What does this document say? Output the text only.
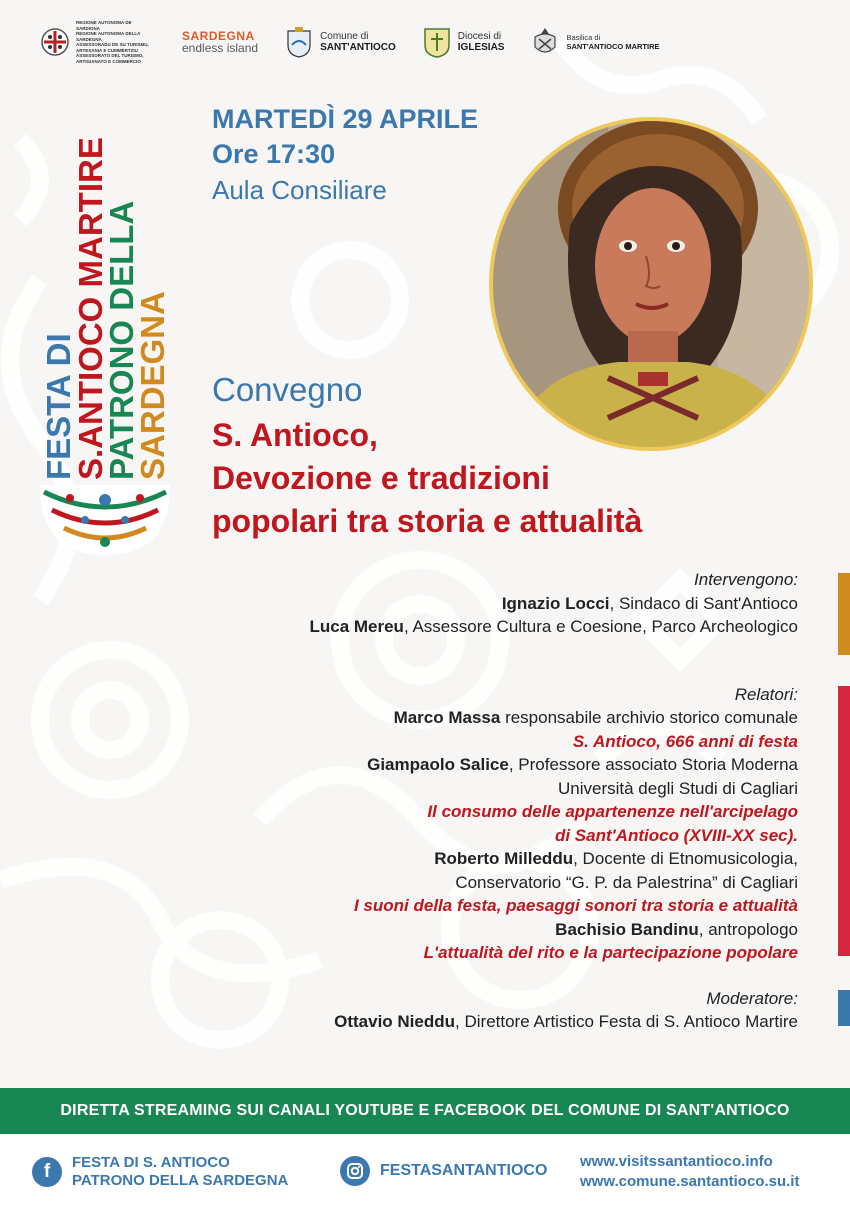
REGIONE AUTONOMA DE SARDIGNA
REGIONE AUTONOMA DELLA SARDEGNA
ASSESSORADU DE SU TURISMU, ARTESANIA E CUMMÈRTZIU
ASSESSORATO DEL TURISMO, ARTIGIANATO E COMMERCIO
SARDEGNA
endless island
Comune di
SANT'ANTIOCO
Diocesi di
IGLESIAS
Basilica di
SANT'ANTIOCO MARTIRE
FESTA DI
S.ANTIOCO MARTIRE
PATRONO DELLA
SARDEGNA
MARTEDÌ 29 APRILE
Ore 17:30
Aula Consiliare
Convegno
S. Antioco,
Devozione e tradizioni
popolari tra storia e attualità
Intervengono:
Ignazio Locci, Sindaco di Sant'Antioco
Luca Mereu, Assessore Cultura e Coesione, Parco Archeologico
Relatori:
Marco Massa responsabile archivio storico comunale
S. Antioco, 666 anni di festa
Giampaolo Salice, Professore associato Storia Moderna
Università degli Studi di Cagliari
Il consumo delle appartenenze nell'arcipelago
di Sant'Antioco (XVIII-XX sec).
Roberto Milleddu, Docente di Etnomusicologia,
Conservatorio “G. P. da Palestrina” di Cagliari
I suoni della festa, paesaggi sonori tra storia e attualità
Bachisio Bandinu, antropologo
L'attualità del rito e la partecipazione popolare
Moderatore:
Ottavio Nieddu, Direttore Artistico Festa di S. Antioco Martire
DIRETTA STREAMING SUI CANALI YOUTUBE E FACEBOOK DEL COMUNE DI SANT'ANTIOCO
f	FESTA DI S. ANTIOCO
PATRONO DELLA SARDEGNA
FESTASANTANTIOCO
www.visitssantantioco.info
www.comune.santantioco.su.it
